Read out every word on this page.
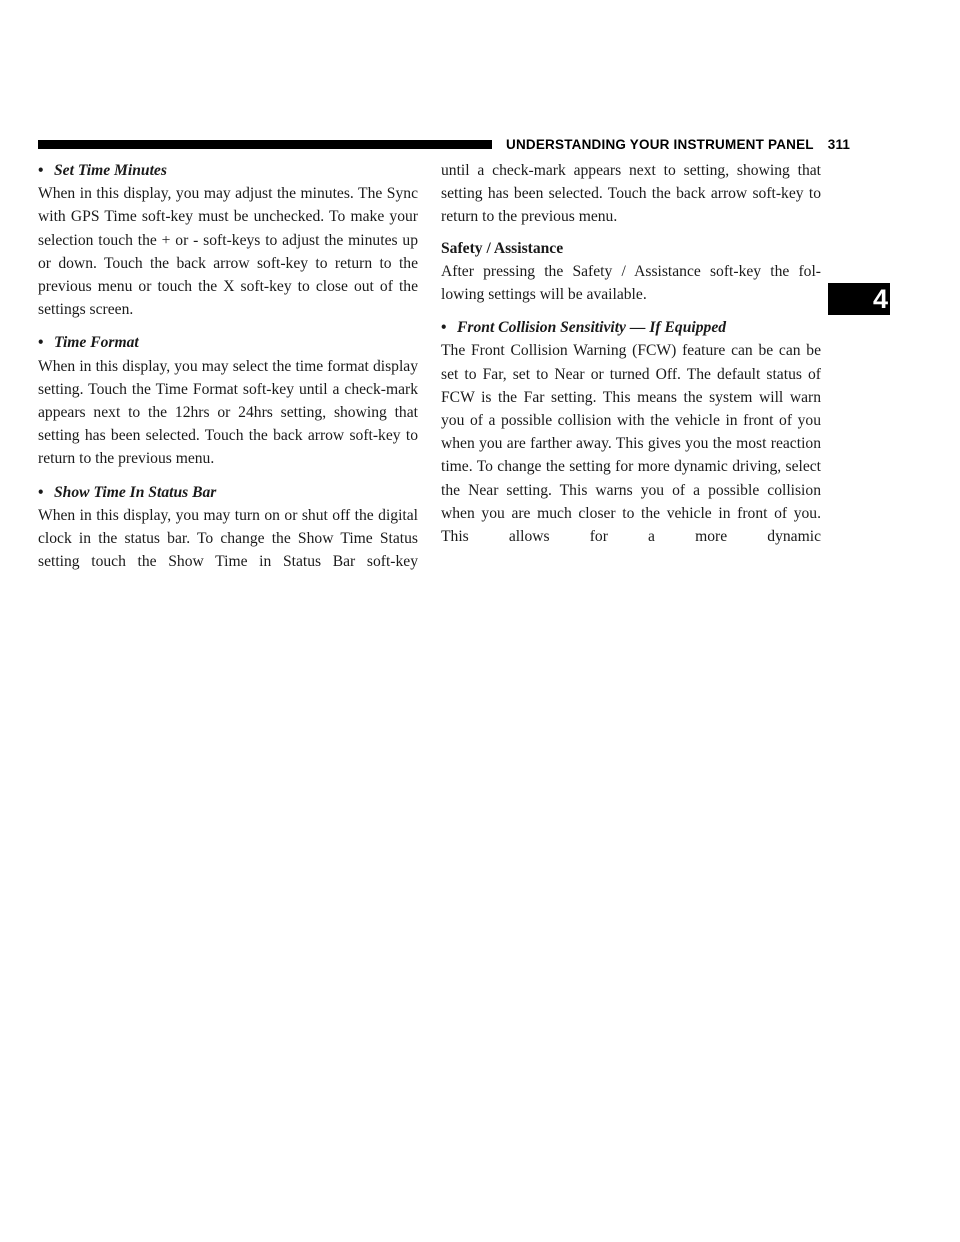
UNDERSTANDING YOUR INSTRUMENT PANEL 311
4

• Set Time Minutes

When in this display, you may adjust the minutes. The Sync with GPS Time soft-key must be unchecked. To make your selection touch the + or - soft-keys to adjust the minutes up or down. Touch the back arrow soft-key to return to the previous menu or touch the X soft-key to close out of the settings screen.

• Time Format

When in this display, you may select the time format display setting. Touch the Time Format soft-key until a check-mark appears next to the 12hrs or 24hrs setting, showing that setting has been selected. Touch the back arrow soft-key to return to the previous menu.

• Show Time In Status Bar

When in this display, you may turn on or shut off the digital clock in the status bar. To change the Show Time Status setting touch the Show Time in Status Bar soft-key

until a check-mark appears next to setting, showing that setting has been selected. Touch the back arrow soft-key to return to the previous menu.

Safety / Assistance

After pressing the Safety / Assistance soft-key the fol-lowing settings will be available.

• Front Collision Sensitivity — If Equipped

The Front Collision Warning (FCW) feature can be can be set to Far, set to Near or turned Off. The default status of FCW is the Far setting. This means the system will warn you of a possible collision with the vehicle in front of you when you are farther away. This gives you the most reaction time. To change the setting for more dynamic driving, select the Near setting. This warns you of a possible collision when you are much closer to the vehicle in front of you. This allows for a more dynamic
